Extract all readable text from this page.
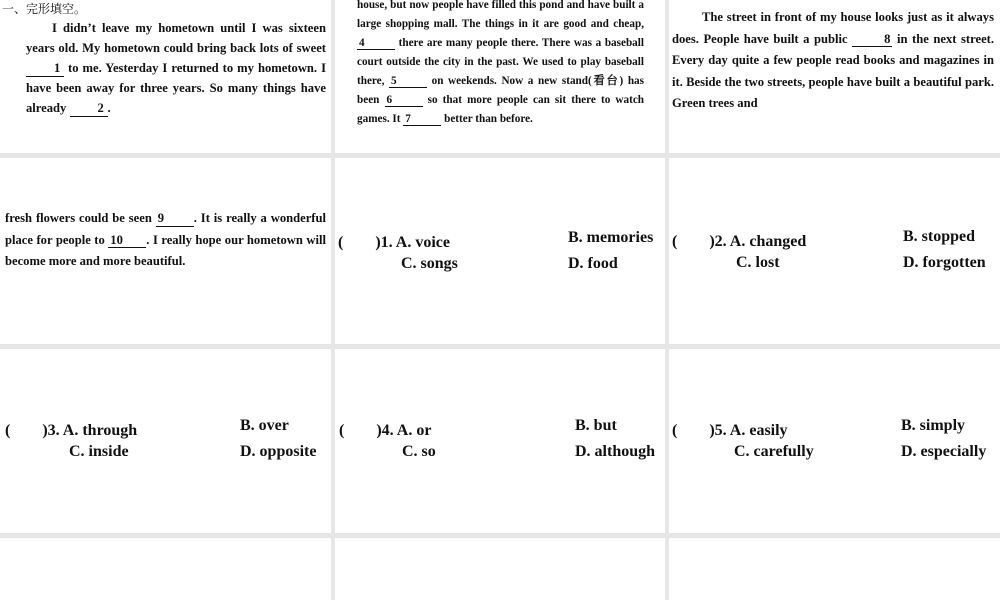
一、完形填空。
I didn’t leave my hometown until I was sixteen years old. My hometown could bring back lots of sweet 1 to me. Yesterday I returned to my hometown. I have been away for three years. So many things have already 2 .
house, but now people have filled this pond and have built a large shopping mall. The things in it are good and cheap, 4	there are many people there. There was a baseball court outside the city in the past. We used to play baseball there, 5	on weekends. Now a new stand(看台) has been 6	so that more people can sit there to watch games. It 7	better than before.
The street in front of my house looks just as it always does. People have built a public	8 in the next street. Every day quite a few people read books and magazines in it. Beside the two streets, people have built a beautiful park. Green trees and
fresh flowers could be seen 9 . It is really a wonderful place for people to 10 . I really hope our hometown will become more and more beautiful.
(　　)1. A. voice	B. memories
C. songs	D. food
(　　)2. A. changed	B. stopped
C. lost	D. forgotten
(　　)3. A. through	B. over
C. inside	D. opposite
(　　)4. A. or	B. but
C. so	D. although
(　　)5. A. easily	B. simply
C. carefully	D. especially
